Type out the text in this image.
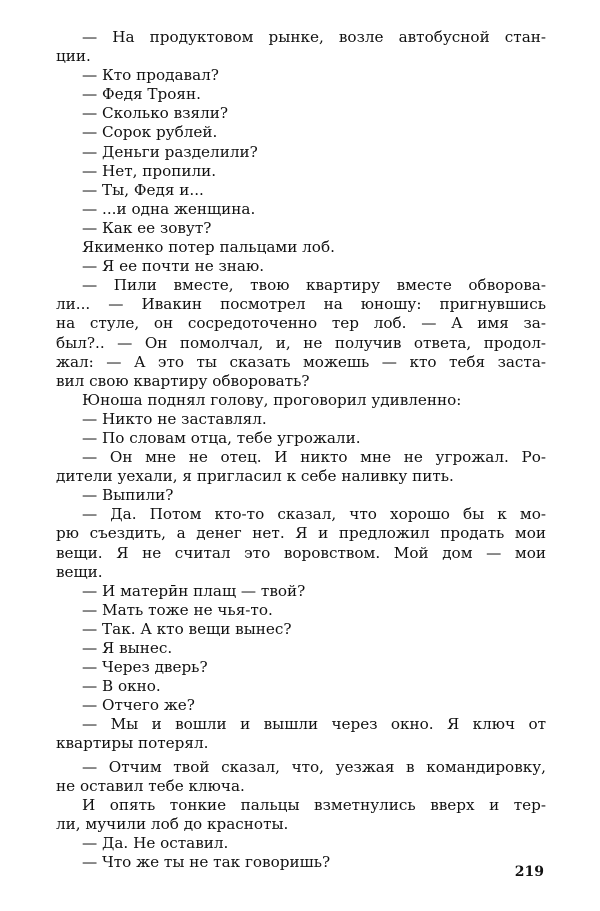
— На продуктовом рынке, возле автобусной стан-
ции.
— Кто продавал?
— Федя Троян.
— Сколько взяли?
— Сорок рублей.
— Деньги разделили?
— Нет, пропили.
— Ты, Федя и...
— ...и одна женщина.
— Как ее зовут?
Якименко потер пальцами лоб.
— Я ее почти не знаю.
— Пили вместе, твою квартиру вместе обворова-
ли... — Ивакин посмотрел на юношу: пригнувшись
на стуле, он сосредоточенно тер лоб. — А имя за-
был?.. — Он помолчал, и, не получив ответа, продол-
жал: — А это ты сказать можешь — кто тебя заста-
вил свою квартиру обворовать?
Юноша поднял голову, проговорил удивленно:
— Никто не заставлял.
— По словам отца, тебе угрожали.
— Он мне не отец. И никто мне не угрожал. Ро-
дители уехали, я пригласил к себе наливку пить.
— Выпили?
— Да. Потом кто-то сказал, что хорошо бы к мо-
рю съездить, а денег нет. Я и предложил продать мои
вещи. Я не считал это воровством. Мой дом — мои
вещи.
— И матерӣн плащ — твой?
— Мать тоже не чья-то.
— Так. А кто вещи вынес?
— Я вынес.
— Через дверь?
— В окно.
— Отчего же?
— Мы и вошли и вышли через окно. Я ключ от
квартиры потерял.
— Отчим твой сказал, что, уезжая в командировку,
не оставил тебе ключа.
И опять тонкие пальцы взметнулись вверх и тер-
ли, мучили лоб до красноты.
— Да. Не оставил.
— Что же ты не так говоришь?
219
